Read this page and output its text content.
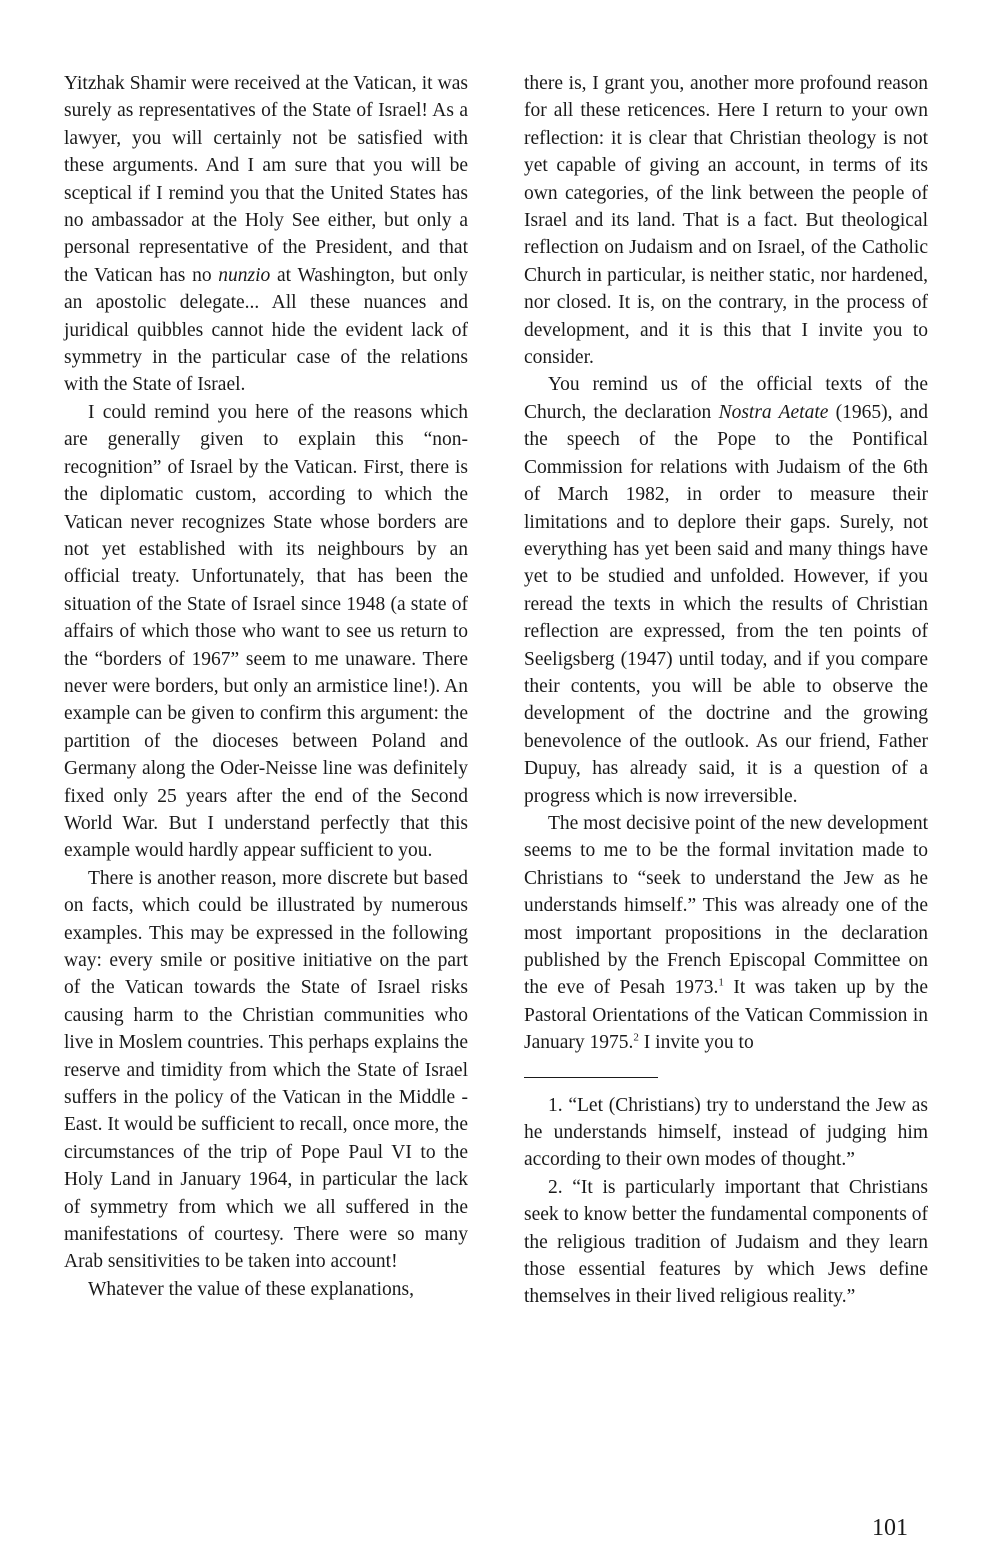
Yitzhak Shamir were received at the Vatican, it was surely as representatives of the State of Israel! As a lawyer, you will certainly not be satisfied with these arguments. And I am sure that you will be sceptical if I remind you that the United States has no ambassador at the Holy See either, but only a personal representative of the President, and that the Vatican has no nunzio at Washington, but only an apostolic delegate... All these nuances and juridical quibbles cannot hide the evident lack of symmetry in the particular case of the relations with the State of Israel.

I could remind you here of the reasons which are generally given to explain this “non-recognition” of Israel by the Vatican. First, there is the diplomatic custom, according to which the Vatican never recognizes State whose borders are not yet established with its neighbours by an official treaty. Unfortunately, that has been the situation of the State of Israel since 1948 (a state of affairs of which those who want to see us return to the “borders of 1967” seem to me unaware. There never were borders, but only an armistice line!). An example can be given to confirm this argument: the partition of the dioceses between Poland and Germany along the Oder-Neisse line was definitely fixed only 25 years after the end of the Second World War. But I understand perfectly that this example would hardly appear sufficient to you.

There is another reason, more discrete but based on facts, which could be illustrated by numerous examples. This may be expressed in the following way: every smile or positive initiative on the part of the Vatican towards the State of Israel risks causing harm to the Christian communities who live in Moslem countries. This perhaps explains the reserve and timidity from which the State of Israel suffers in the policy of the Vatican in the Middle -East. It would be sufficient to recall, once more, the circumstances of the trip of Pope Paul VI to the Holy Land in January 1964, in particular the lack of symmetry from which we all suffered in the manifestations of courtesy. There were so many Arab sensitivities to be taken into account!

Whatever the value of these explanations,

there is, I grant you, another more profound reason for all these reticences. Here I return to your own reflection: it is clear that Christian theology is not yet capable of giving an account, in terms of its own categories, of the link between the people of Israel and its land. That is a fact. But theological reflection on Judaism and on Israel, of the Catholic Church in particular, is neither static, nor hardened, nor closed. It is, on the contrary, in the process of development, and it is this that I invite you to consider.

You remind us of the official texts of the Church, the declaration Nostra Aetate (1965), and the speech of the Pope to the Pontifical Commission for relations with Judaism of the 6th of March 1982, in order to measure their limitations and to deplore their gaps. Surely, not everything has yet been said and many things have yet to be studied and unfolded. However, if you reread the texts in which the results of Christian reflection are expressed, from the ten points of Seeligsberg (1947) until today, and if you compare their contents, you will be able to observe the development of the doctrine and the growing benevolence of the outlook. As our friend, Father Dupuy, has already said, it is a question of a progress which is now irreversible.

The most decisive point of the new development seems to me to be the formal invitation made to Christians to “seek to understand the Jew as he understands himself.” This was already one of the most important propositions in the declaration published by the French Episcopal Committee on the eve of Pesah 1973.$^1$ It was taken up by the Pastoral Orientations of the Vatican Commission in January 1975.$^2$ I invite you to

1. “Let (Christians) try to understand the Jew as he understands himself, instead of judging him according to their own modes of thought.”

2. “It is particularly important that Christians seek to know better the fundamental components of the religious tradition of Judaism and they learn those essential features by which Jews define themselves in their lived religious reality.”

101
